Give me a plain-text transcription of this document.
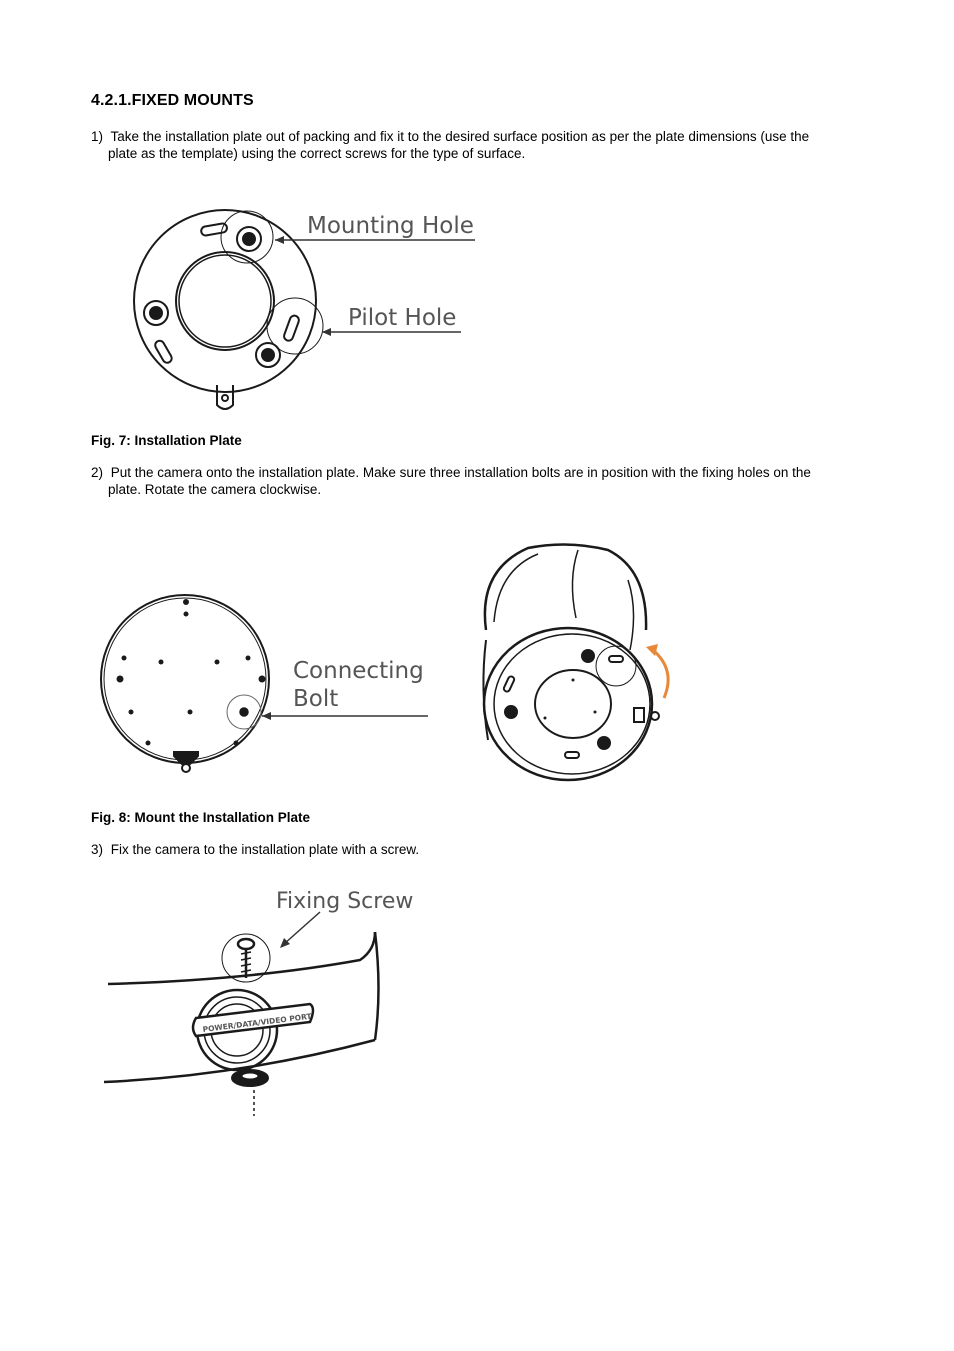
4.2.1.FIXED MOUNTS
1) Take the installation plate out of packing and fix it to the desired surface position as per the plate dimensions (use the
plate as the template) using the correct screws for the type of surface.
Mounting Hole
Pilot Hole
Fig. 7: Installation Plate
2) Put the camera onto the installation plate. Make sure three installation bolts are in position with the fixing holes on the
plate. Rotate the camera clockwise.
Connecting
Bolt
Fig. 8: Mount the Installation Plate
3) Fix the camera to the installation plate with a screw.
POWER/DATA/VIDEO PORT
Fixing Screw
